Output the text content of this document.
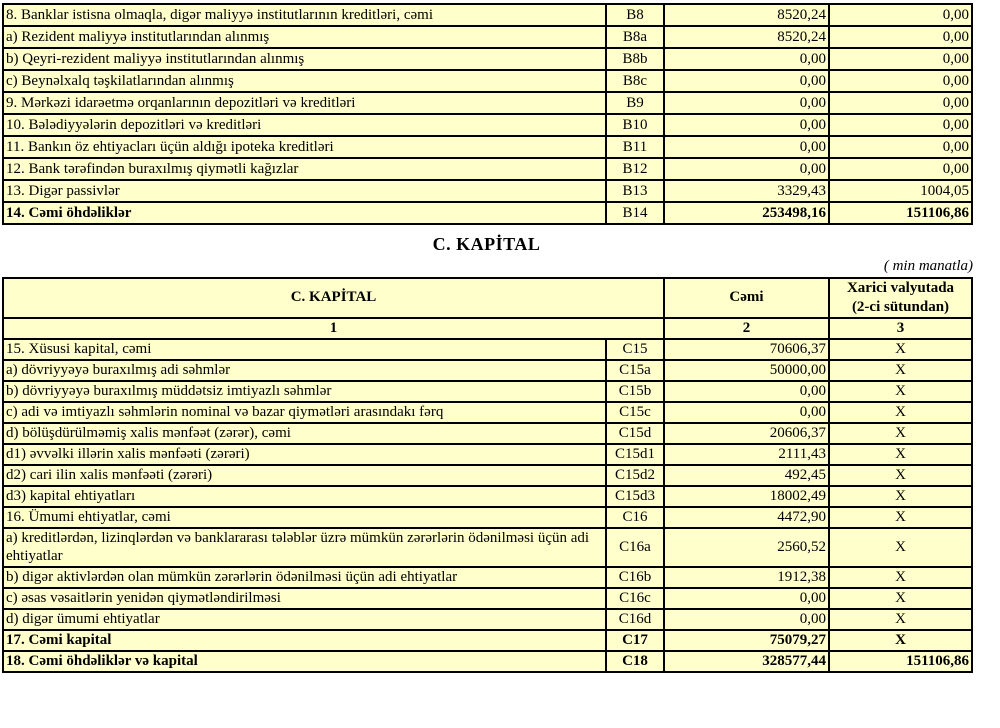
8. Banklar istisna olmaqla, digər maliyyə institutlarının kreditləri, cəmi	B8	8520,24	0,00
a) Rezident maliyyə institutlarından alınmış	B8a	8520,24	0,00
b) Qeyri-rezident maliyyə institutlarından alınmış	B8b	0,00	0,00
c) Beynəlxalq təşkilatlarından alınmış	B8c	0,00	0,00
9. Mərkəzi idarəetmə orqanlarının depozitləri və kreditləri	B9	0,00	0,00
10. Bələdiyyələrin depozitləri və kreditləri	B10	0,00	0,00
11. Bankın öz ehtiyacları üçün aldığı ipoteka kreditləri	B11	0,00	0,00
12. Bank tərəfindən buraxılmış qiymətli kağızlar	B12	0,00	0,00
13. Digər passivlər	B13	3329,43	1004,05
14. Cəmi öhdəliklər	B14	253498,16	151106,86
C. KAPİTAL
( min manatla)
C. KAPİTAL		Cəmi	Xarici valyutada
(2-ci sütundan)

1		2	3
15. Xüsusi kapital, cəmi	C15	70606,37	X
a) dövriyyəyə buraxılmış adi səhmlər	C15a	50000,00	X
b) dövriyyəyə buraxılmış müddətsiz imtiyazlı səhmlər	C15b	0,00	X
c) adi və imtiyazlı səhmlərin nominal və bazar qiymətləri arasındakı fərq	C15c	0,00	X
d) bölüşdürülməmiş xalis mənfəət (zərər), cəmi	C15d	20606,37	X
d1) əvvəlki illərin xalis mənfəəti (zərəri)	C15d1	2111,43	X
d2) cari ilin xalis mənfəəti (zərəri)	C15d2	492,45	X
d3) kapital ehtiyatları	C15d3	18002,49	X
16. Ümumi ehtiyatlar, cəmi	C16	4472,90	X
a) kreditlərdən, lizinqlərdən və banklararası tələblər üzrə mümkün zərərlərin ödənilməsi üçün adi ehtiyatlar	C16a	2560,52	X
b) digər aktivlərdən olan mümkün zərərlərin ödənilməsi üçün adi ehtiyatlar	C16b	1912,38	X
c) əsas vəsaitlərin yenidən qiymətləndirilməsi	C16c	0,00	X
d) digər ümumi ehtiyatlar	C16d	0,00	X
17. Cəmi kapital	C17	75079,27	X
18. Cəmi öhdəliklər və kapital	C18	328577,44	151106,86
